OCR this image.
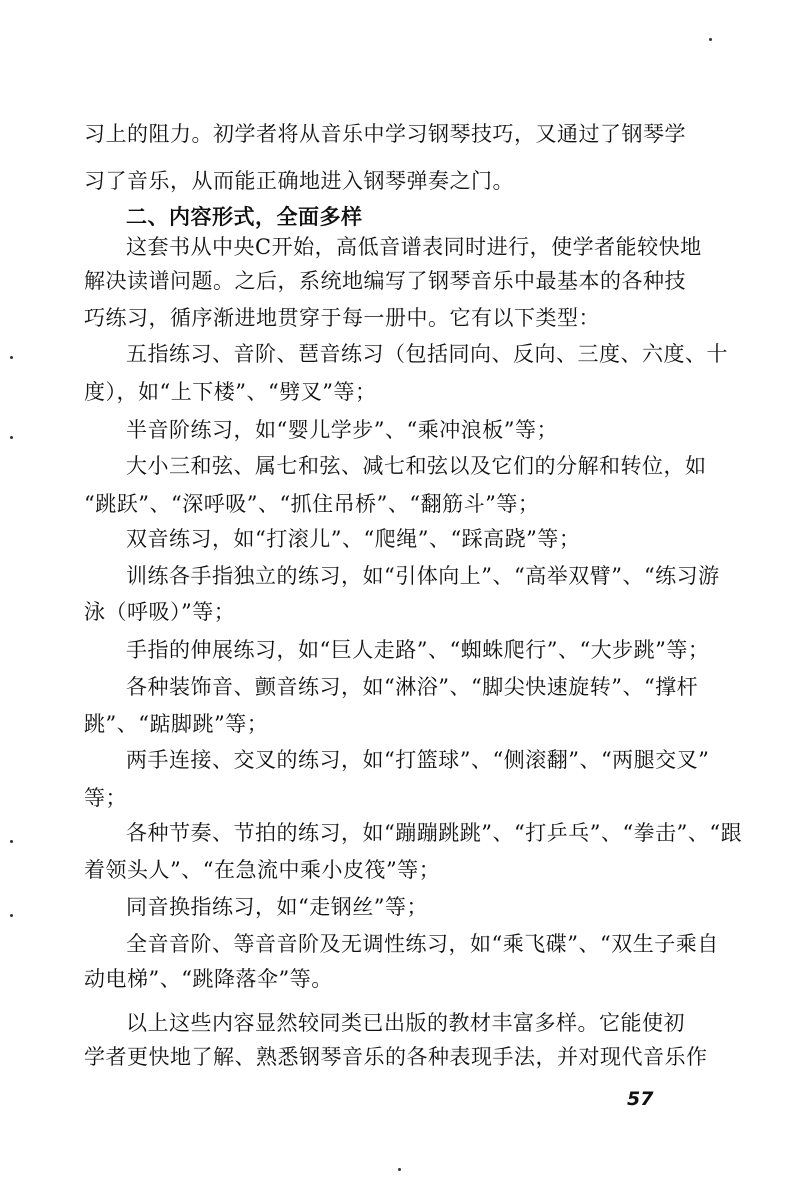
习上的阻力。初学者将从音乐中学习钢琴技巧，又通过了钢琴学
习了音乐，从而能正确地进入钢琴弹奏之门。
二、内容形式，全面多样
这套书从中央C开始，高低音谱表同时进行，使学者能较快地
解决读谱问题。之后，系统地编写了钢琴音乐中最基本的各种技
巧练习，循序渐进地贯穿于每一册中。它有以下类型：
五指练习、音阶、琶音练习（包括同向、反向、三度、六度、十
度），如“上下楼”、“劈叉”等；
半音阶练习，如“婴儿学步”、“乘冲浪板”等；
大小三和弦、属七和弦、减七和弦以及它们的分解和转位，如
“跳跃”、“深呼吸”、“抓住吊桥”、“翻筋斗”等；
双音练习，如“打滚儿”、“爬绳”、“踩高跷”等；
训练各手指独立的练习，如“引体向上”、“高举双臂”、“练习游
泳（呼吸）”等；
手指的伸展练习，如“巨人走路”、“蜘蛛爬行”、“大步跳”等；
各种装饰音、颤音练习，如“淋浴”、“脚尖快速旋转”、“撑杆
跳”、“踮脚跳”等；
两手连接、交叉的练习，如“打篮球”、“侧滚翻”、“两腿交叉”
等；
各种节奏、节拍的练习，如“蹦蹦跳跳”、“打乒乓”、“拳击”、“跟
着领头人”、“在急流中乘小皮筏”等；
同音换指练习，如“走钢丝”等；
全音音阶、等音音阶及无调性练习，如“乘飞碟”、“双生子乘自
动电梯”、“跳降落伞”等。
以上这些内容显然较同类已出版的教材丰富多样。它能使初
学者更快地了解、熟悉钢琴音乐的各种表现手法，并对现代音乐作
57
